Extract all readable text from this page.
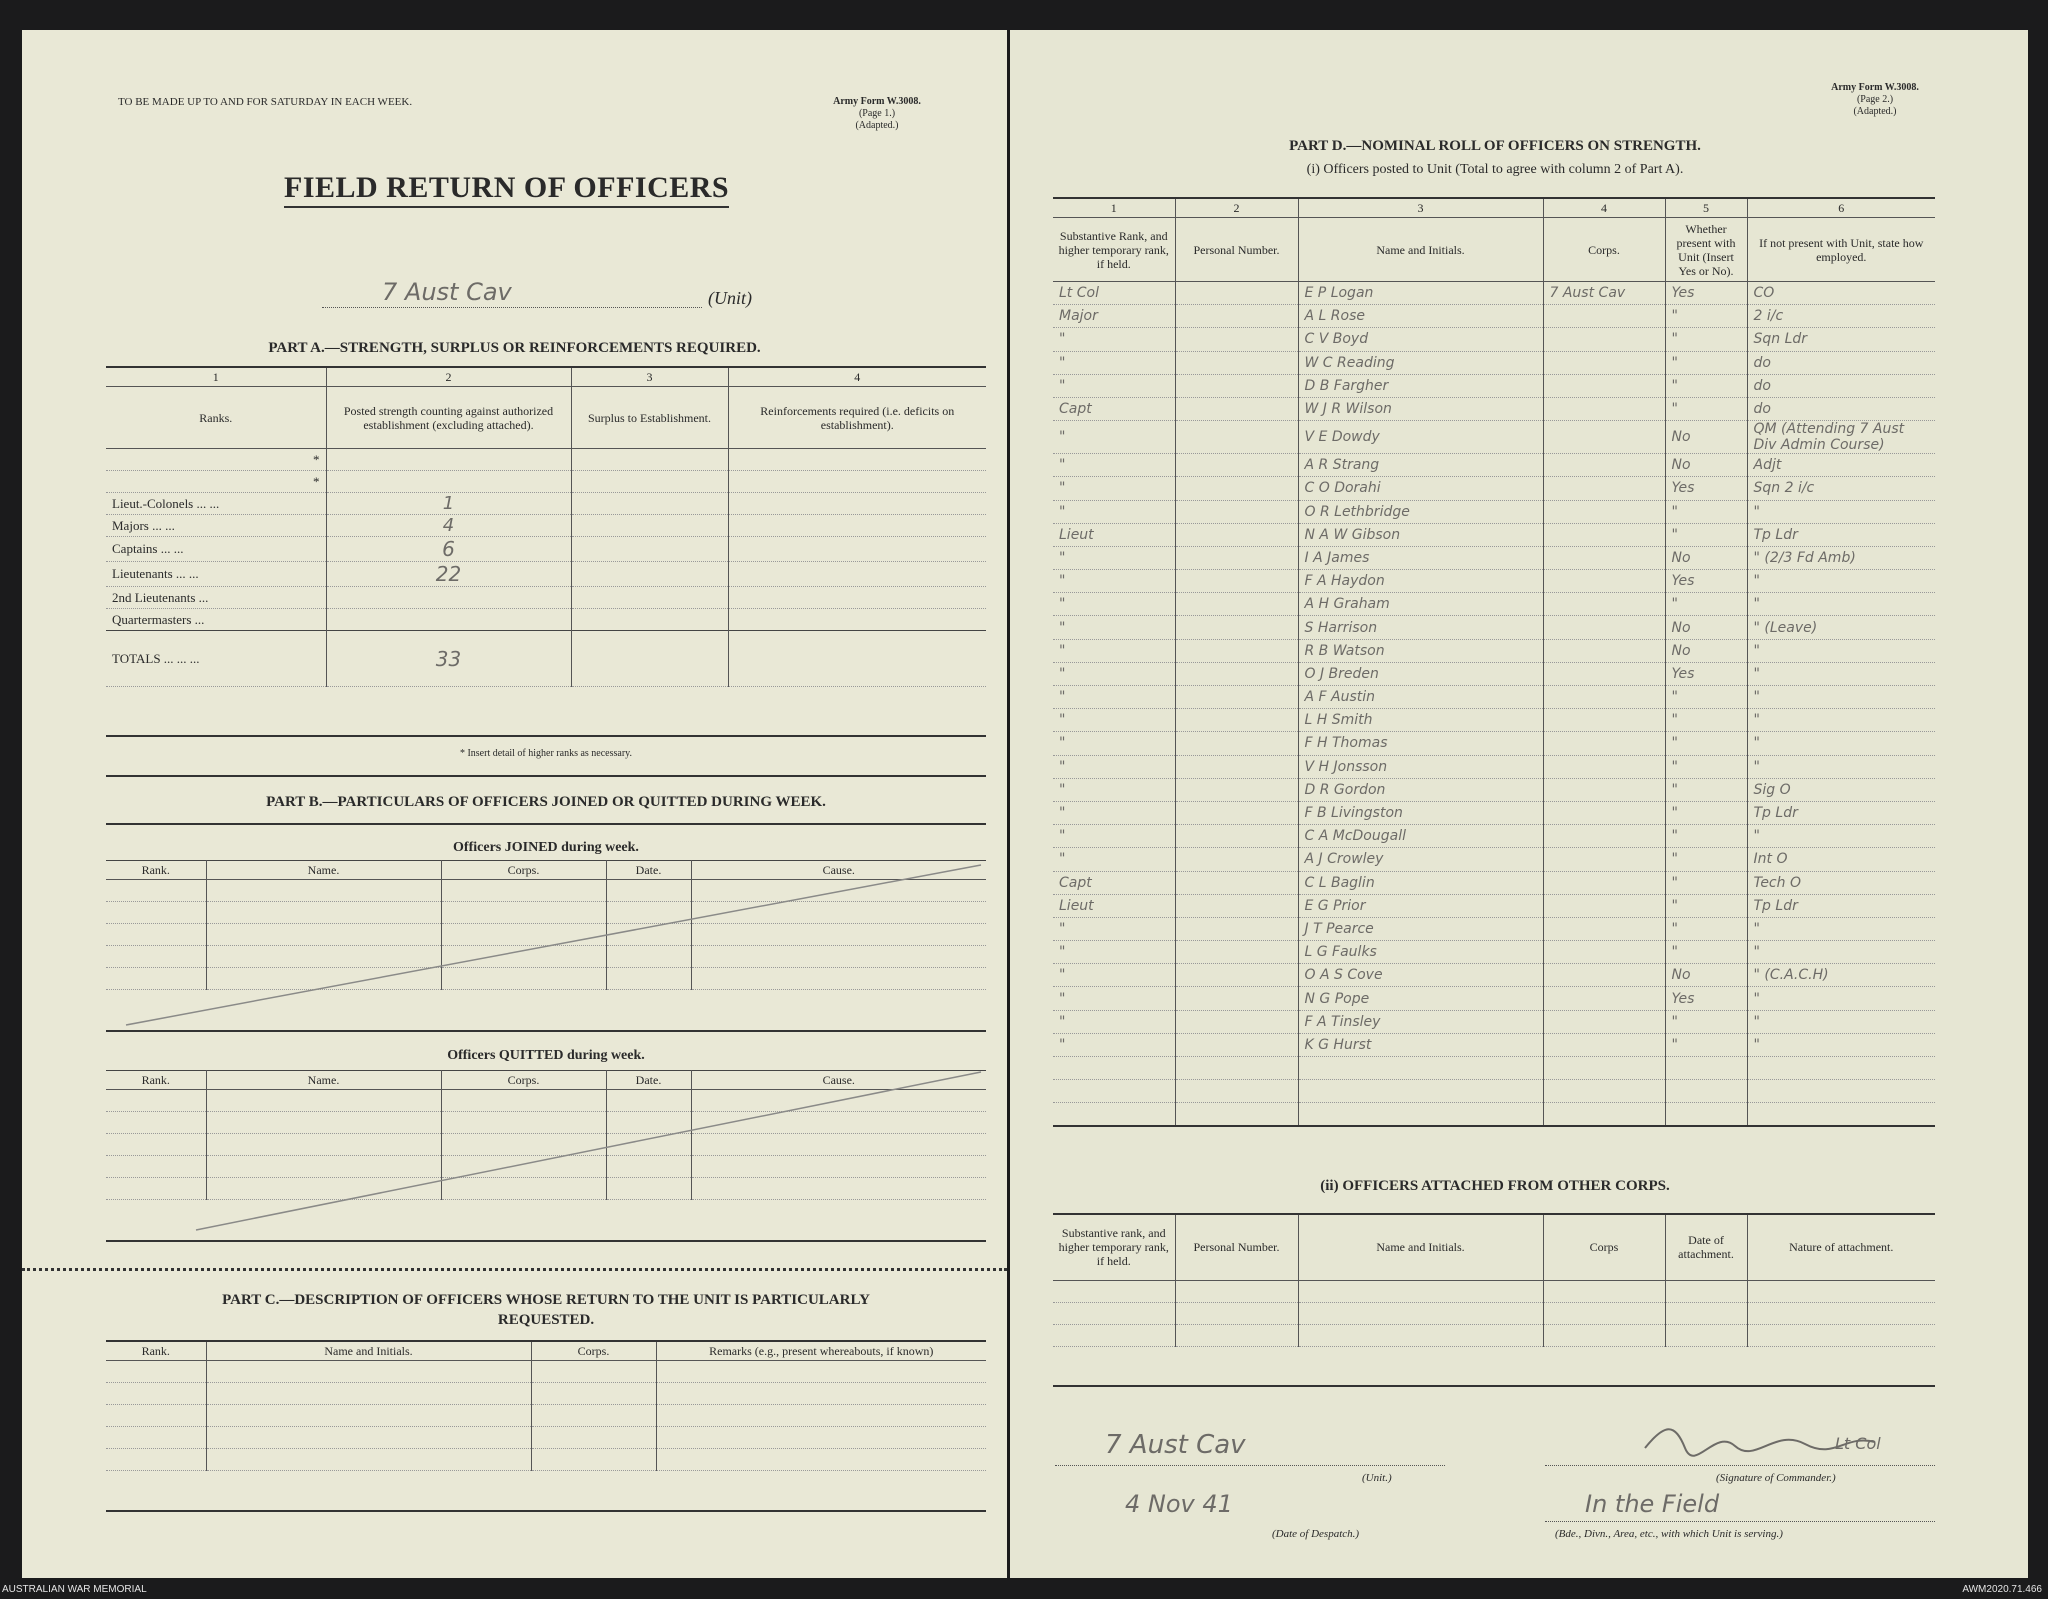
TO BE MADE UP TO AND FOR SATURDAY IN EACH WEEK.	Army Form W.3008.
(Page 1.)
(Adapted.)
FIELD RETURN OF OFFICERS
7 Aust Cav	(Unit)
PART A.—STRENGTH, SURPLUS OR REINFORCEMENTS REQUIRED.
1	2	3	4
Ranks.	Posted strength counting against authorized establishment (excluding attached).	Surplus to Establishment.	Reinforcements required (i.e. deficits on establishment).
*			
*			
Lieut.-Colonels ... ...	1		
Majors ... ...	4		
Captains ... ...	6		
Lieutenants ... ...	22		
2nd Lieutenants ...			
Quartermasters ...			
TOTALS ... ... ...	33		
* Insert detail of higher ranks as necessary.
PART B.—PARTICULARS OF OFFICERS JOINED OR QUITTED DURING WEEK.
Officers JOINED during week.
Rank.	Name.	Corps.	Date.	Cause.

Officers QUITTED during week.
Rank.	Name.	Corps.	Date.	Cause.

PART C.—DESCRIPTION OF OFFICERS WHOSE RETURN TO THE UNIT IS PARTICULARLY
REQUESTED.
Rank.	Name and Initials.	Corps.	Remarks (e.g., present whereabouts, if known)

Army Form W.3008.
(Page 2.)
(Adapted.)
PART D.—NOMINAL ROLL OF OFFICERS ON STRENGTH.
(i) Officers posted to Unit (Total to agree with column 2 of Part A).
1	2	3	4	5	6
Substantive Rank, and higher temporary rank, if held.	Personal Number.	Name and Initials.	Corps.	Whether present with Unit (Insert Yes or No).	If not present with Unit, state how employed.
Lt Col		E P Logan	7 Aust Cav	Yes	CO
Major		A L Rose		"	2 i/c
"		C V Boyd		"	Sqn Ldr
"		W C Reading		"	do
"		D B Fargher		"	do
Capt		W J R Wilson		"	do
"		V E Dowdy		No	QM (Attending 7 Aust Div Admin Course)
"		A R Strang		No	Adjt
"		C O Dorahi		Yes	Sqn 2 i/c
"		O R Lethbridge		"	"
Lieut		N A W Gibson		"	Tp Ldr
"		I A James		No	" (2/3 Fd Amb)
"		F A Haydon		Yes	"
"		A H Graham		"	"
"		S Harrison		No	" (Leave)
"		R B Watson		No	"
"		O J Breden		Yes	"
"		A F Austin		"	"
"		L H Smith		"	"
"		F H Thomas		"	"
"		V H Jonsson		"	"
"		D R Gordon		"	Sig O
"		F B Livingston		"	Tp Ldr
"		C A McDougall		"	"
"		A J Crowley		"	Int O
Capt		C L Baglin		"	Tech O
Lieut		E G Prior		"	Tp Ldr
"		J T Pearce		"	"
"		L G Faulks		"	"
"		O A S Cove		No	" (C.A.C.H)
"		N G Pope		Yes	"
"		F A Tinsley		"	"
"		K G Hurst		"	"

(ii) OFFICERS ATTACHED FROM OTHER CORPS.
Substantive rank, and higher temporary rank, if held.	Personal Number.	Name and Initials.	Corps	Date of attachment.	Nature of attachment.

7 Aust Cav
(Unit.)
4 Nov 41
(Date of Despatch.)
Lt Col
(Signature of Commander.)
In the Field
(Bde., Divn., Area, etc., with which Unit is serving.)
AUSTRALIAN WAR MEMORIAL	AWM2020.71.466
